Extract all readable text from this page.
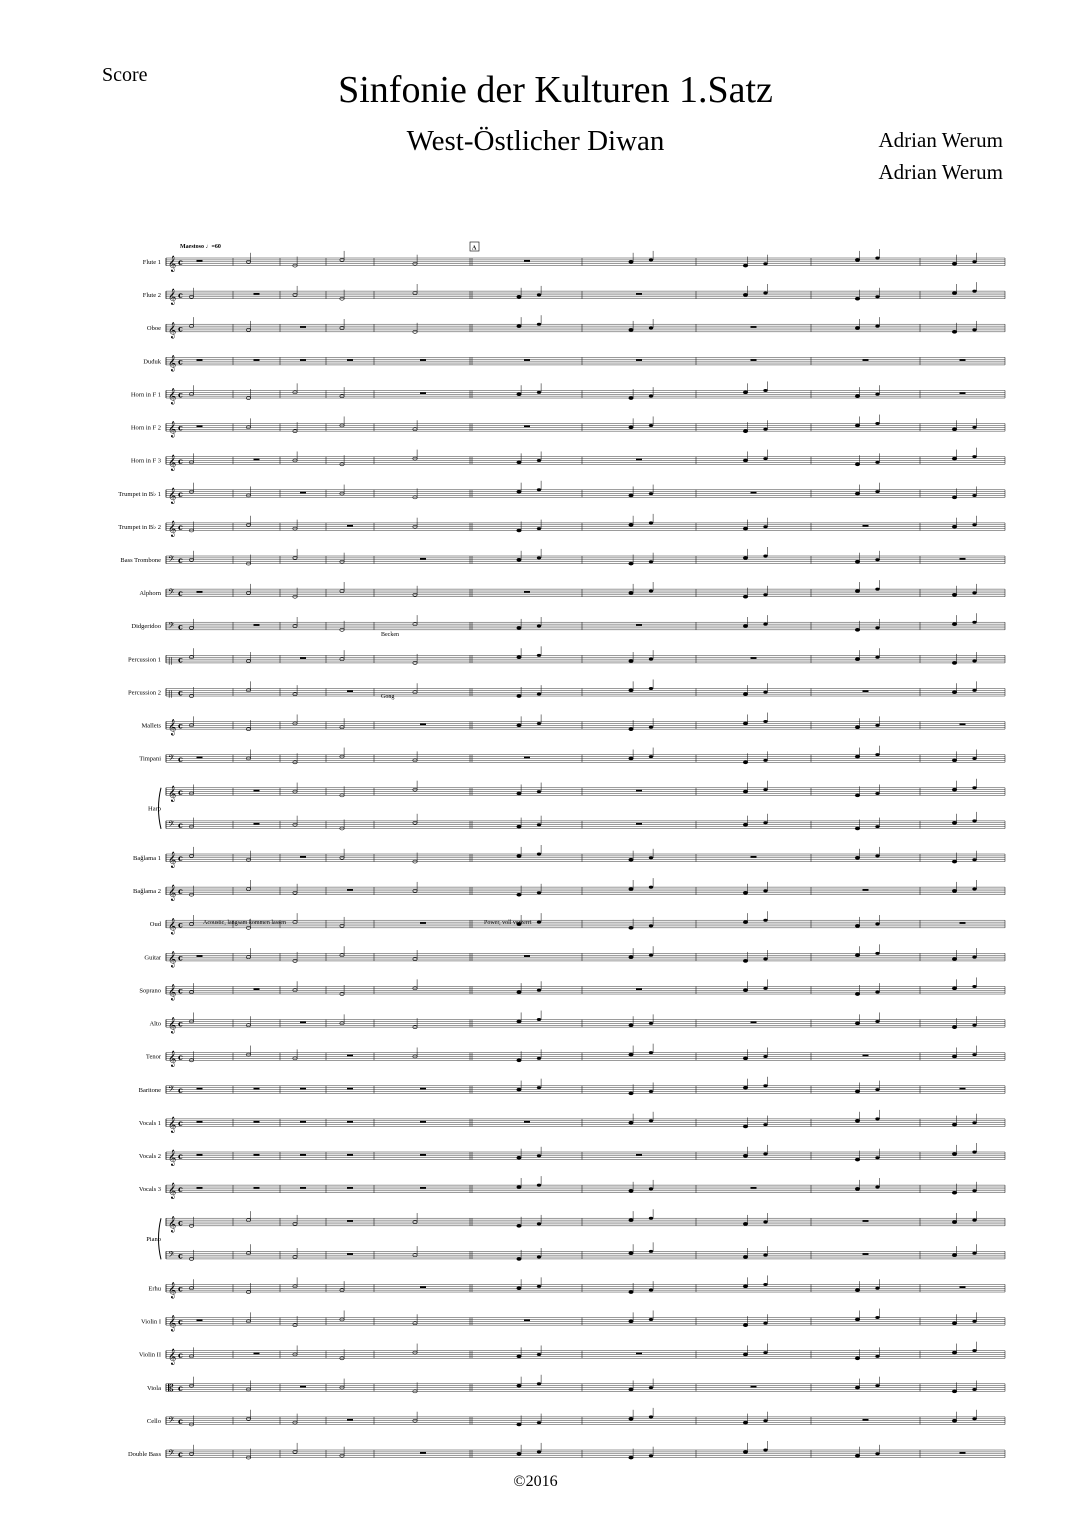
Score	Sinfonie der Kulturen 1.Satz
West-Östlicher Diwan	Adrian Werum
Adrian Werum
Maestoso ♩=60	A
Flute 1 𝄞 c
Flute 2 𝄞 c
Oboe 𝄞 c
Duduk 𝄞 c
Horn in F 1 𝄞 c
Horn in F 2 𝄞 c
Horn in F 3 𝄞 c
Trumpet in B♭ 1 𝄞 c
Trumpet in B♭ 2 𝄞 c
Bass Trombone 𝄢 c
Alphorn 𝄢 c
Didgeridoo 𝄢 c
Percussion 1 || c
Percussion 2 || c
Mallets 𝄞 c
Timpani 𝄢 c
Harp
𝄞 c
𝄢 c
Bağlama 1 𝄞 c
Bağlama 2 𝄞 c
Oud 𝄞 c
Guitar 𝄞 c
Soprano 𝄞 c
Alto 𝄞 c
Tenor 𝄞 c
Baritone 𝄢 c
Vocals 1 𝄞 c
Vocals 2 𝄞 c
Vocals 3 𝄞 c
Piano
𝄞 c
𝄢 c
Erhu 𝄞 c
Violin I 𝄞 c
Violin II 𝄞 c
Viola 𝄡 c
Cello 𝄢 c
Double Bass 𝄢 c
Becken
Gong
Acoustic, langsam kommen lassen	Power, voll verzerrt
©2016
